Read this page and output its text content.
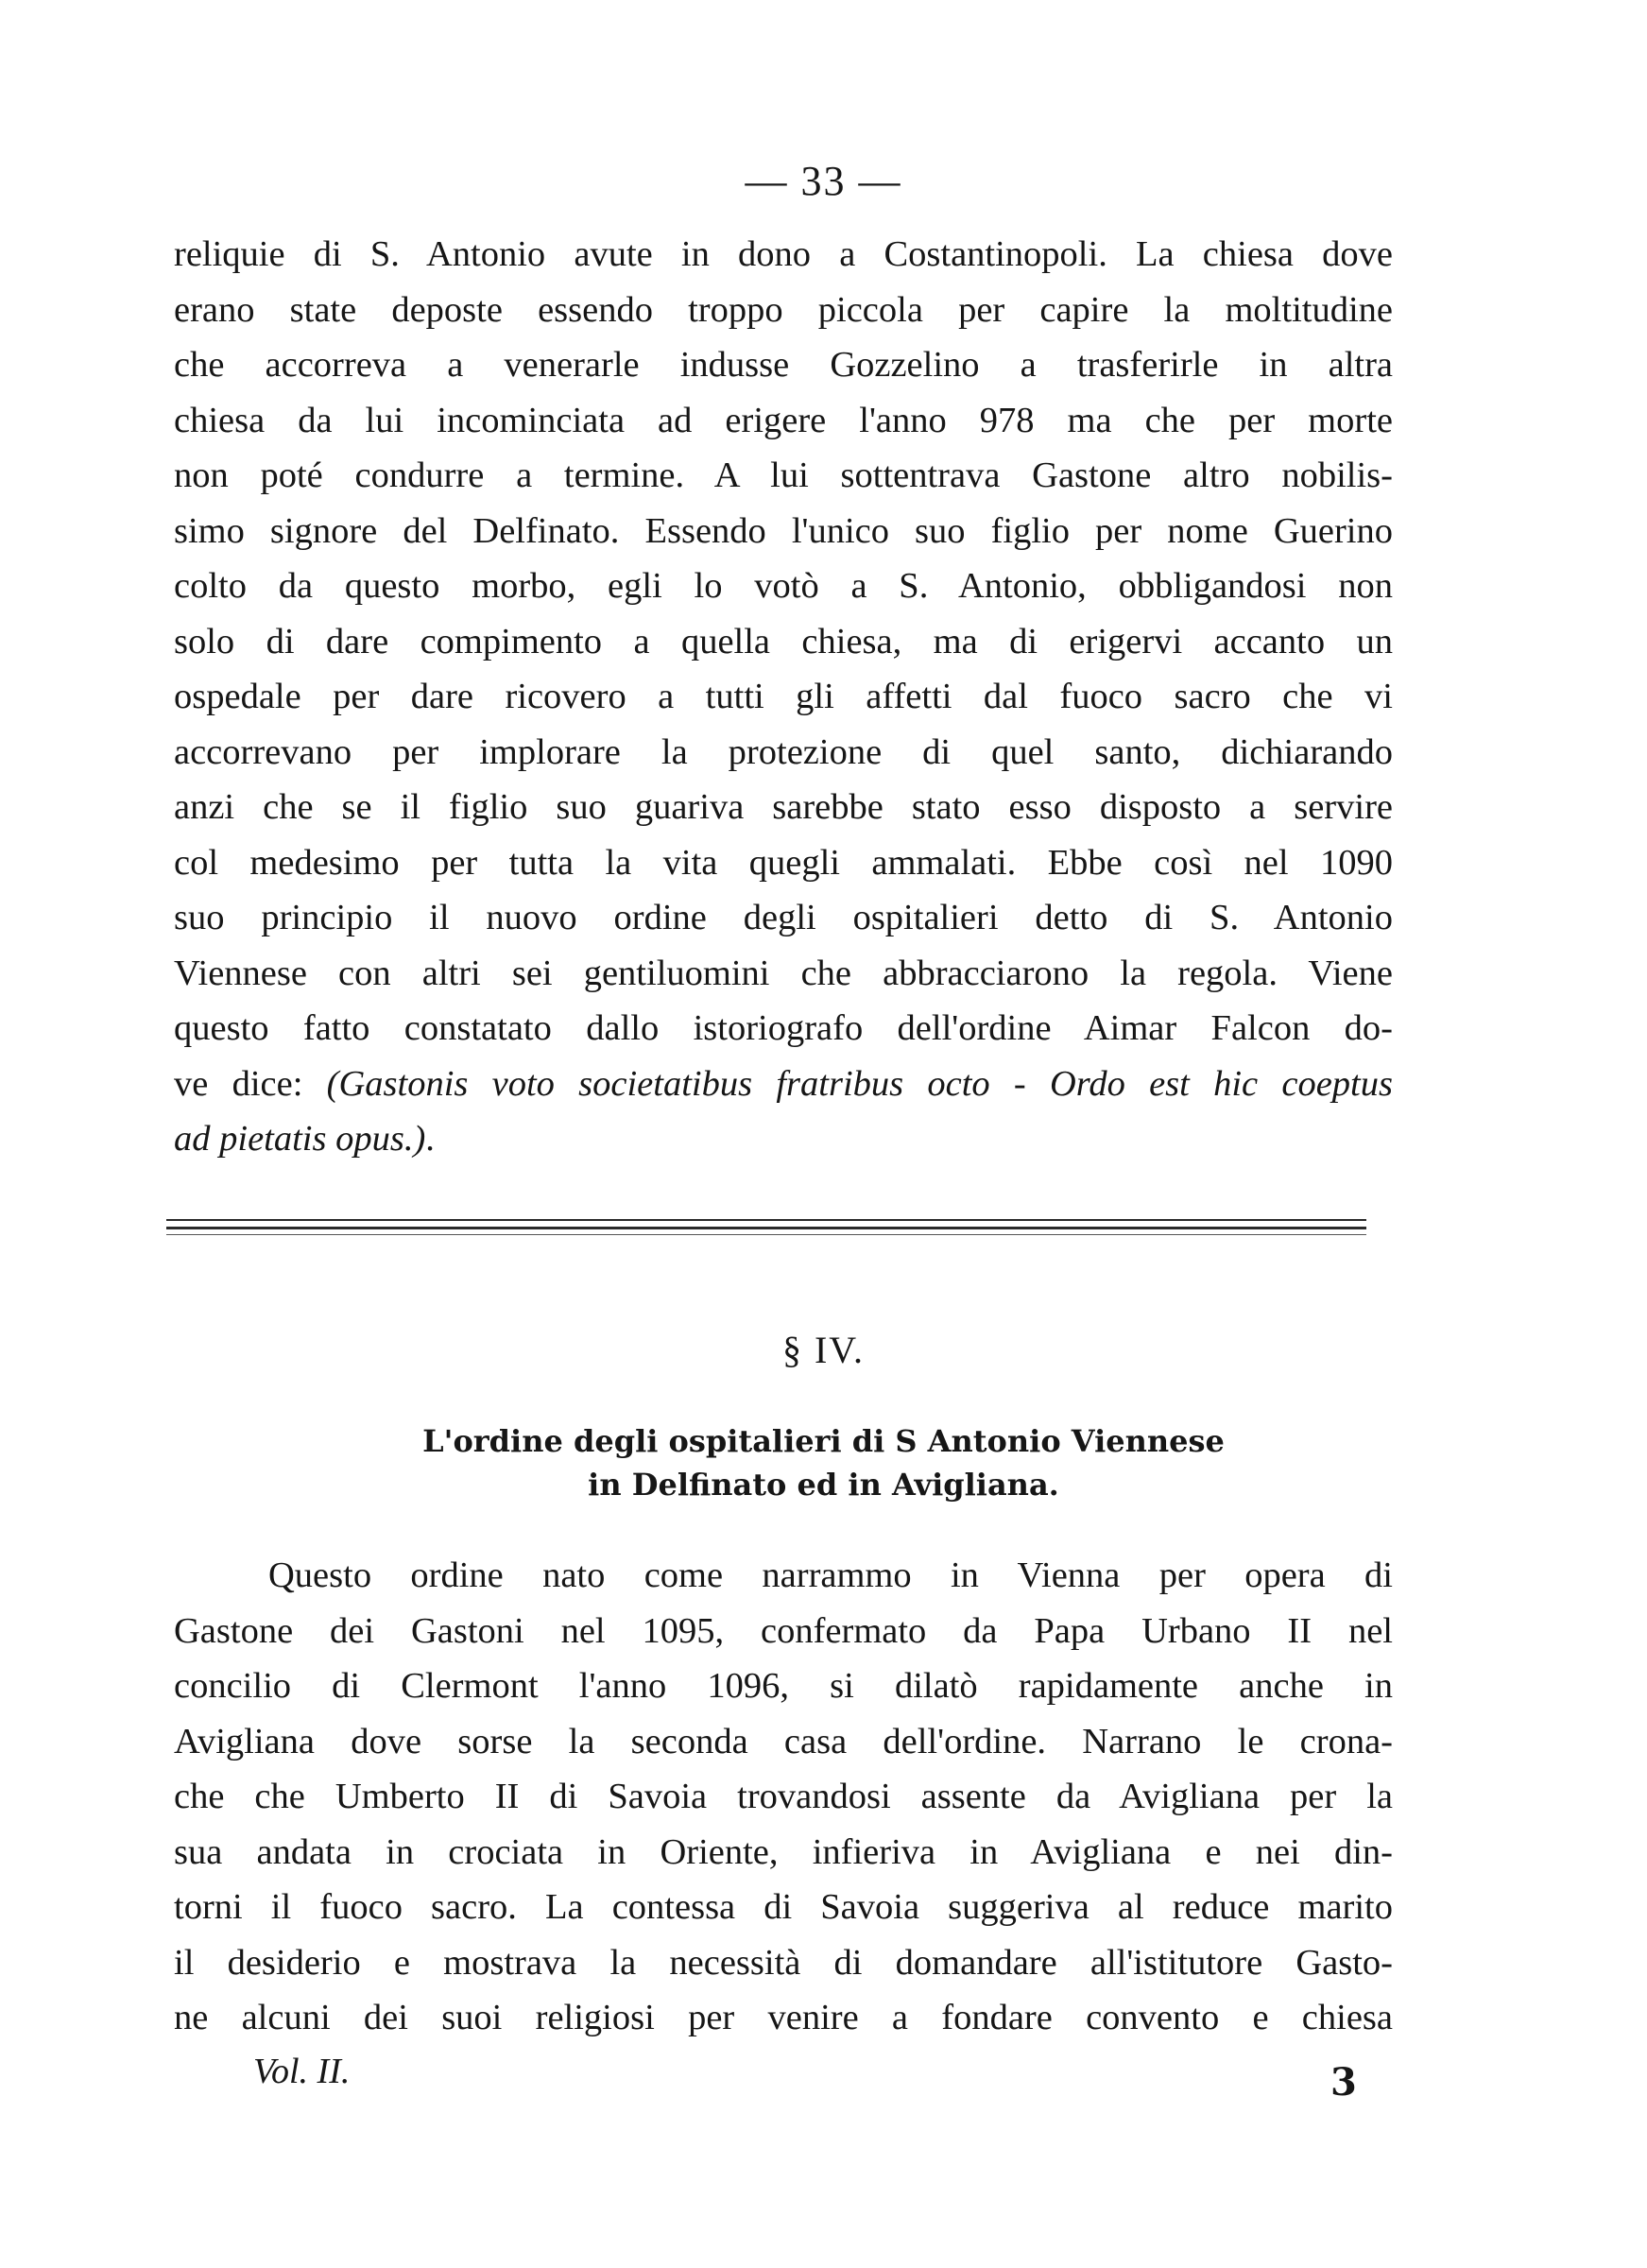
— 33 —
reliquie di S. Antonio avute in dono a Costantinopoli. La chiesa dove
erano state deposte essendo troppo piccola per capire la moltitudine
che accorreva a venerarle indusse Gozzelino a trasferirle in altra
chiesa da lui incominciata ad erigere l'anno 978 ma che per morte
non poté condurre a termine. A lui sottentrava Gastone altro nobilis-
simo signore del Delfinato. Essendo l'unico suo figlio per nome Guerino
colto da questo morbo, egli lo votò a S. Antonio, obbligandosi non
solo di dare compimento a quella chiesa, ma di erigervi accanto un
ospedale per dare ricovero a tutti gli affetti dal fuoco sacro che vi
accorrevano per implorare la protezione di quel santo, dichiarando
anzi che se il figlio suo guariva sarebbe stato esso disposto a servire
col medesimo per tutta la vita quegli ammalati. Ebbe così nel 1090
suo principio il nuovo ordine degli ospitalieri detto di S. Antonio
Viennese con altri sei gentiluomini che abbracciarono la regola. Viene
questo fatto constatato dallo istoriografo dell'ordine Aimar Falcon do-
ve dice: (Gastonis voto societatibus fratribus octo - Ordo est hic coeptus
ad pietatis opus.).
§ IV.
L'ordine degli ospitalieri di S Antonio Viennese
in Delfinato ed in Avigliana.
Questo ordine nato come narrammo in Vienna per opera di
Gastone dei Gastoni nel 1095, confermato da Papa Urbano II nel
concilio di Clermont l'anno 1096, si dilatò rapidamente anche in
Avigliana dove sorse la seconda casa dell'ordine. Narrano le crona-
che che Umberto II di Savoia trovandosi assente da Avigliana per la
sua andata in crociata in Oriente, infieriva in Avigliana e nei din-
torni il fuoco sacro. La contessa di Savoia suggeriva al reduce marito
il desiderio e mostrava la necessità di domandare all'istitutore Gasto-
ne alcuni dei suoi religiosi per venire a fondare convento e chiesa
Vol. II.	3
